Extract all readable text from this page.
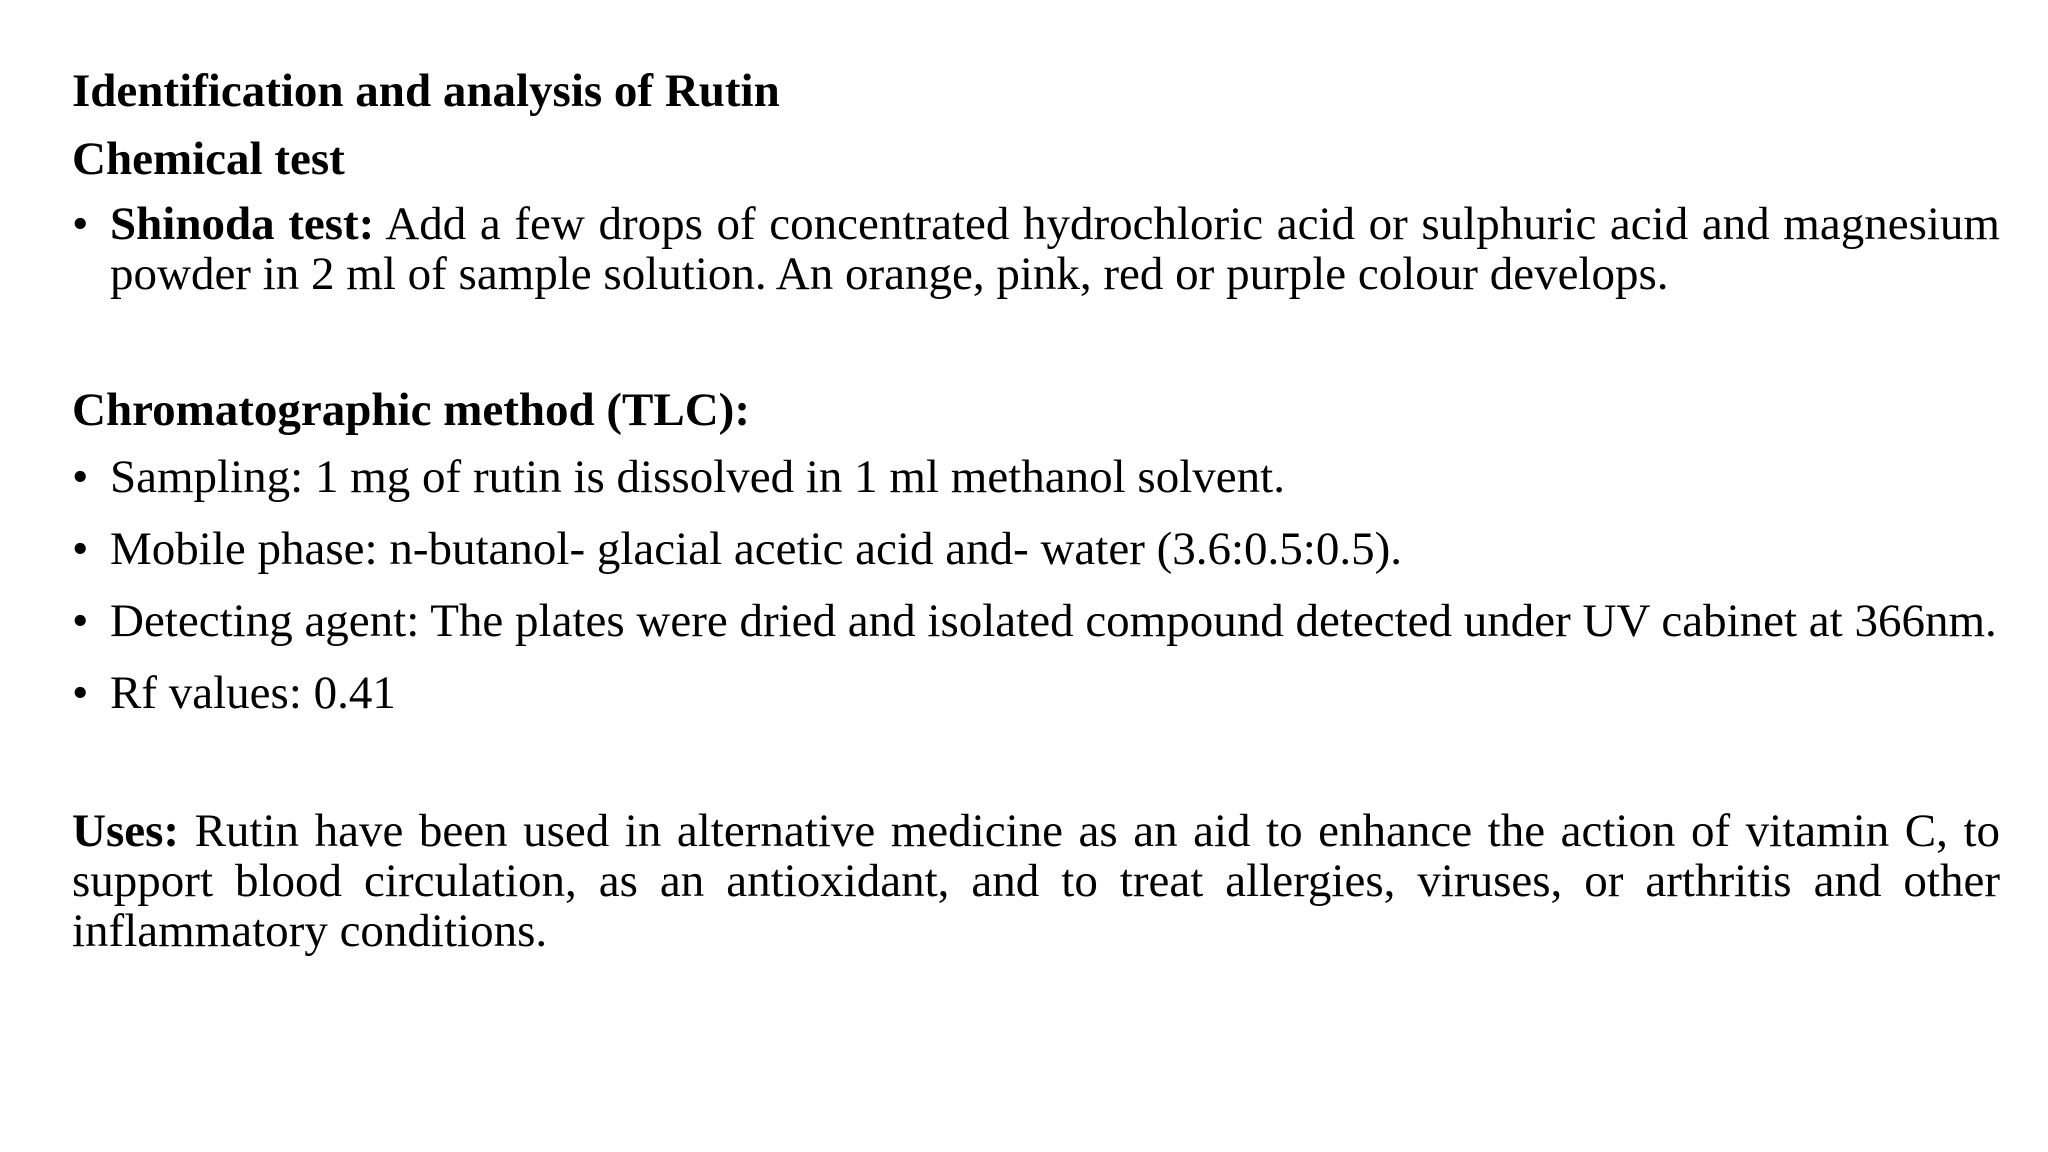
Identification and analysis of Rutin
Chemical test
• Shinoda test: Add a few drops of concentrated hydrochloric acid or sulphuric acid and magnesium powder in 2 ml of sample solution. An orange, pink, red or purple colour develops.
Chromatographic method (TLC):
• Sampling: 1 mg of rutin is dissolved in 1 ml methanol solvent.
• Mobile phase: n-butanol- glacial acetic acid and- water (3.6:0.5:0.5).
• Detecting agent: The plates were dried and isolated compound detected under UV cabinet at 366nm.
• Rf values: 0.41

Uses: Rutin have been used in alternative medicine as an aid to enhance the action of vitamin C, to support blood circulation, as an antioxidant, and to treat allergies, viruses, or arthritis and other inflammatory conditions.
